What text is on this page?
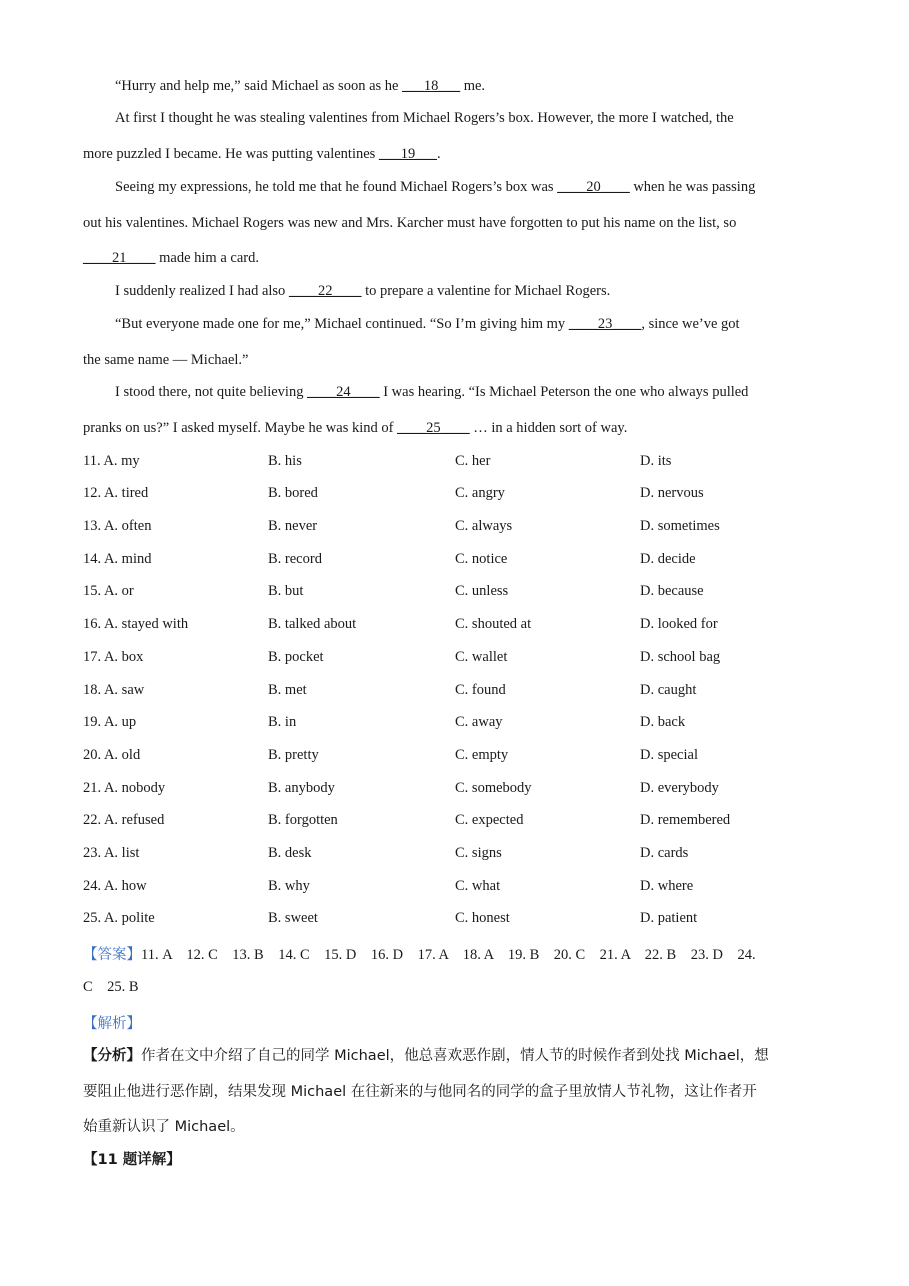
“Hurry and help me,” said Michael as soon as he ___18___ me.
At first I thought he was stealing valentines from Michael Rogers’s box. However, the more I watched, the
more puzzled I became. He was putting valentines ___19___.
Seeing my expressions, he told me that he found Michael Rogers’s box was ____20____ when he was passing
out his valentines. Michael Rogers was new and Mrs. Karcher must have forgotten to put his name on the list, so
____21____ made him a card.
I suddenly realized I had also ____22____ to prepare a valentine for Michael Rogers.
“But everyone made one for me,” Michael continued. “So I’m giving him my ____23____, since we’ve got
the same name — Michael.”
I stood there, not quite believing ____24____ I was hearing. “Is Michael Peterson the one who always pulled
pranks on us?” I asked myself. Maybe he was kind of ____25____ … in a hidden sort of way.
11. A. my	B. his	C. her	D. its
12. A. tired	B. bored	C. angry	D. nervous
13. A. often	B. never	C. always	D. sometimes
14. A. mind	B. record	C. notice	D. decide
15. A. or	B. but	C. unless	D. because
16. A. stayed with	B. talked about	C. shouted at	D. looked for
17. A. box	B. pocket	C. wallet	D. school bag
18. A. saw	B. met	C. found	D. caught
19. A. up	B. in	C. away	D. back
20. A. old	B. pretty	C. empty	D. special
21. A. nobody	B. anybody	C. somebody	D. everybody
22. A. refused	B. forgotten	C. expected	D. remembered
23. A. list	B. desk	C. signs	D. cards
24. A. how	B. why	C. what	D. where
25. A. polite	B. sweet	C. honest	D. patient
【答案】11. A    12. C    13. B    14. C    15. D    16. D    17. A    18. A    19. B    20. C    21. A    22. B    23. D    24.
C    25. B
【解析】
【分析】作者在文中介绍了自己的同学 Michael，他总喜欢恶作剧，情人节的时候作者到处找 Michael，想
要阻止他进行恶作剧，结果发现 Michael 在往新来的与他同名的同学的盒子里放情人节礼物，这让作者开
始重新认识了 Michael。
【11 题详解】
